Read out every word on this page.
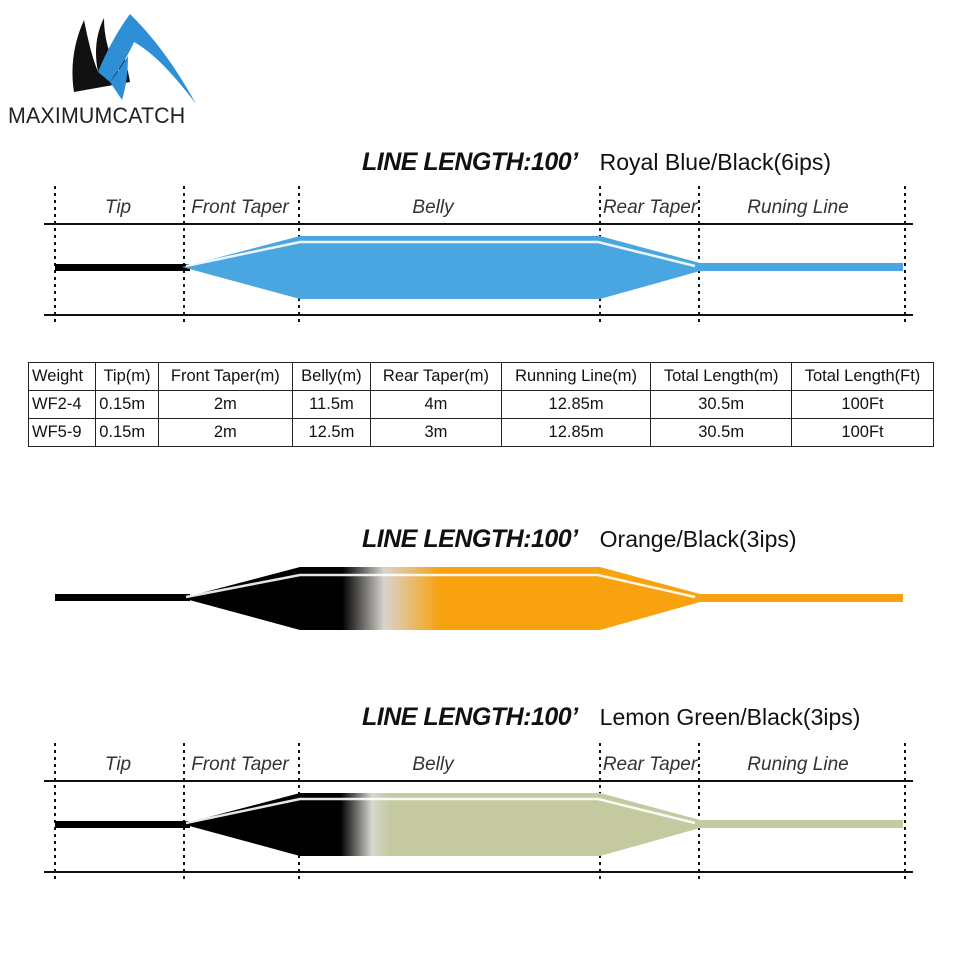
MAXIMUMCATCH
LINE LENGTH:100’ Royal Blue/Black(6ips)
LINE LENGTH:100’ Orange/Black(3ips)
LINE LENGTH:100’ Lemon Green/Black(3ips)
Tip	Front Taper	Belly	Rear Taper	Runing Line
Weight	Tip(m)	Front Taper(m)	Belly(m)	Rear Taper(m)	Running Line(m)	Total Length(m)	Total Length(Ft)
WF2-4	0.15m	2m	11.5m	4m	12.85m	30.5m	100Ft
WF5-9	0.15m	2m	12.5m	3m	12.85m	30.5m	100Ft
Tip	Front Taper	Belly	Rear Taper	Runing Line
